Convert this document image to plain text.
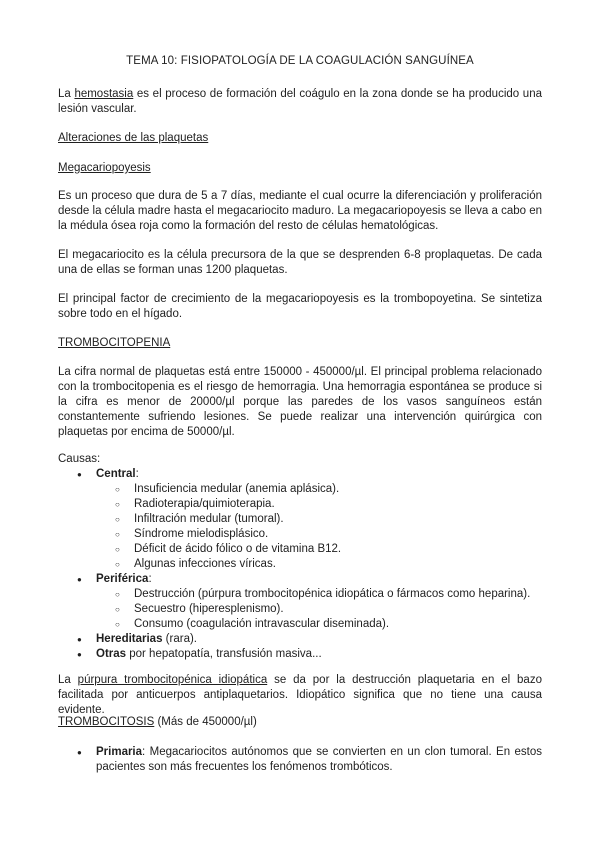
TEMA 10: FISIOPATOLOGÍA DE LA COAGULACIÓN SANGUÍNEA

La hemostasia es el proceso de formación del coágulo en la zona donde se ha producido una lesión vascular.

Alteraciones de las plaquetas
Megacariopoyesis

Es un proceso que dura de 5 a 7 días, mediante el cual ocurre la diferenciación y proliferación desde la célula madre hasta el megacariocito maduro. La megacariopoyesis se lleva a cabo en la médula ósea roja como la formación del resto de células hematológicas.

El megacariocito es la célula precursora de la que se desprenden 6-8 proplaquetas. De cada una de ellas se forman unas 1200 plaquetas.

El principal factor de crecimiento de la megacariopoyesis es la trombopoyetina. Se sintetiza sobre todo en el hígado.

TROMBOCITOPENIA

La cifra normal de plaquetas está entre 150000 - 450000/µl. El principal problema relacionado con la trombocitopenia es el riesgo de hemorragia. Una hemorragia espontánea se produce si la cifra es menor de 20000/µl porque las paredes de los vasos sanguíneos están constantemente sufriendo lesiones. Se puede realizar una intervención quirúrgica con plaquetas por encima de 50000/µl.

Causas:
● Central:
○ Insuficiencia medular (anemia aplásica).
○ Radioterapia/quimioterapia.
○ Infiltración medular (tumoral).
○ Síndrome mielodisplásico.
○ Déficit de ácido fólico o de vitamina B12.
○ Algunas infecciones víricas.
● Periférica:
○ Destrucción (púrpura trombocitopénica idiopática o fármacos como heparina).
○ Secuestro (hiperesplenismo).
○ Consumo (coagulación intravascular diseminada).
● Hereditarias (rara).
● Otras por hepatopatía, transfusión masiva...

La púrpura trombocitopénica idiopática se da por la destrucción plaquetaria en el bazo facilitada por anticuerpos antiplaquetarios. Idiopático significa que no tiene una causa evidente.

TROMBOCITOSIS (Más de 450000/µl)
● Primaria: Megacariocitos autónomos que se convierten en un clon tumoral. En estos pacientes son más frecuentes los fenómenos trombóticos.
